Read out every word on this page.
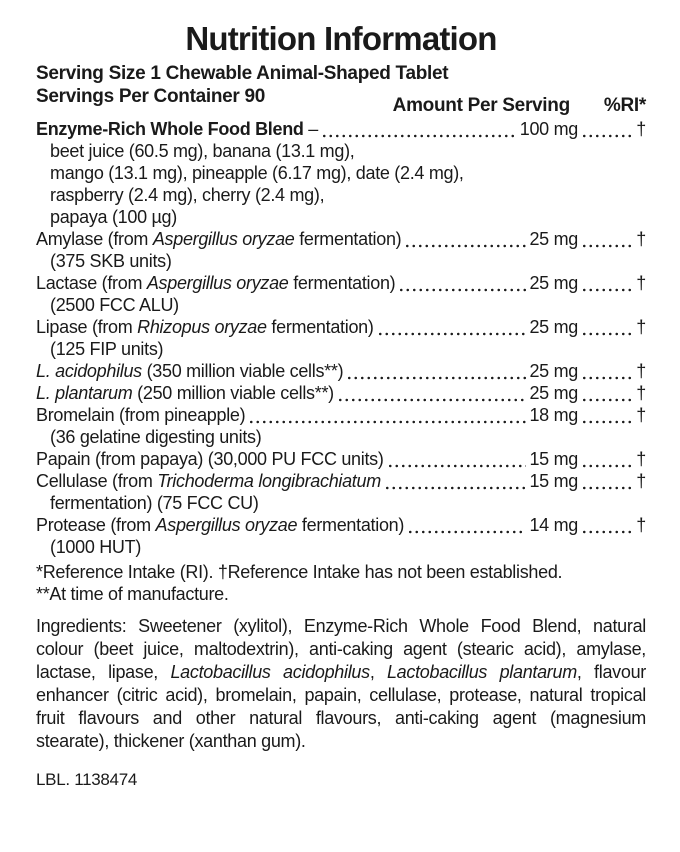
Nutrition Information
Serving Size 1 Chewable Animal-Shaped Tablet
Servings Per Container 90	Amount Per Serving %RI*
Enzyme-Rich Whole Food Blend –	100 mg	†
beet juice (60.5 mg), banana (13.1 mg),
mango (13.1 mg), pineapple (6.17 mg), date (2.4 mg),
raspberry (2.4 mg), cherry (2.4 mg),
papaya (100 µg)
Amylase (from Aspergillus oryzae fermentation)	25 mg	†
(375 SKB units)
Lactase (from Aspergillus oryzae fermentation)	25 mg	†
(2500 FCC ALU)
Lipase (from Rhizopus oryzae fermentation)	25 mg	†
(125 FIP units)
L. acidophilus (350 million viable cells**)	25 mg	†
L. plantarum (250 million viable cells**)	25 mg	†
Bromelain (from pineapple)	18 mg	†
(36 gelatine digesting units)
Papain (from papaya) (30,000 PU FCC units)	15 mg	†
Cellulase (from Trichoderma longibrachiatum	15 mg	†
fermentation) (75 FCC CU)
Protease (from Aspergillus oryzae fermentation)	14 mg	†
(1000 HUT)
*Reference Intake (RI). †Reference Intake has not been established.
**At time of manufacture.

Ingredients: Sweetener (xylitol), Enzyme-Rich Whole Food Blend, natural colour (beet juice, maltodextrin), anti-caking agent (stearic acid), amylase, lactase, lipase, Lactobacillus acidophilus, Lactobacillus plantarum, flavour enhancer (citric acid), bromelain, papain, cellulase, protease, natural tropical fruit flavours and other natural flavours, anti-caking agent (magnesium stearate), thickener (xanthan gum).

LBL. 1138474
